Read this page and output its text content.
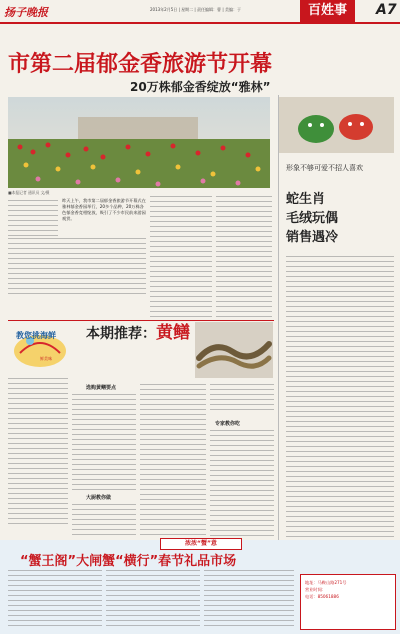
扬子晚报	2013年2月5日 | 星期二 | 责任编辑：曹 | 美编：于	百姓事	A7
市第二届郁金香旅游节开幕
20万株郁金香绽放“雅林”
■本报记者 通讯员 文/摄
昨天上午，我市第二届郁金香旅游节开幕式在雅林郁金香园举行，20多个品种，20万株各色郁金香竞相绽放，吸引了不少市民前来游园观赏。
形象不够可爱不招人喜欢
蛇生肖
毛绒玩偶
销售遇冷
教您挑海鲜
鲜美味
本期推荐：黄鳝
选购黄鳝要点
大厨教你做
专家教你吃
浓浓“蟹”意
“蟹王阁”大闸蟹“横行”春节礼品市场
地址：马鞍山路271号
营业时间：
电话：85061886
